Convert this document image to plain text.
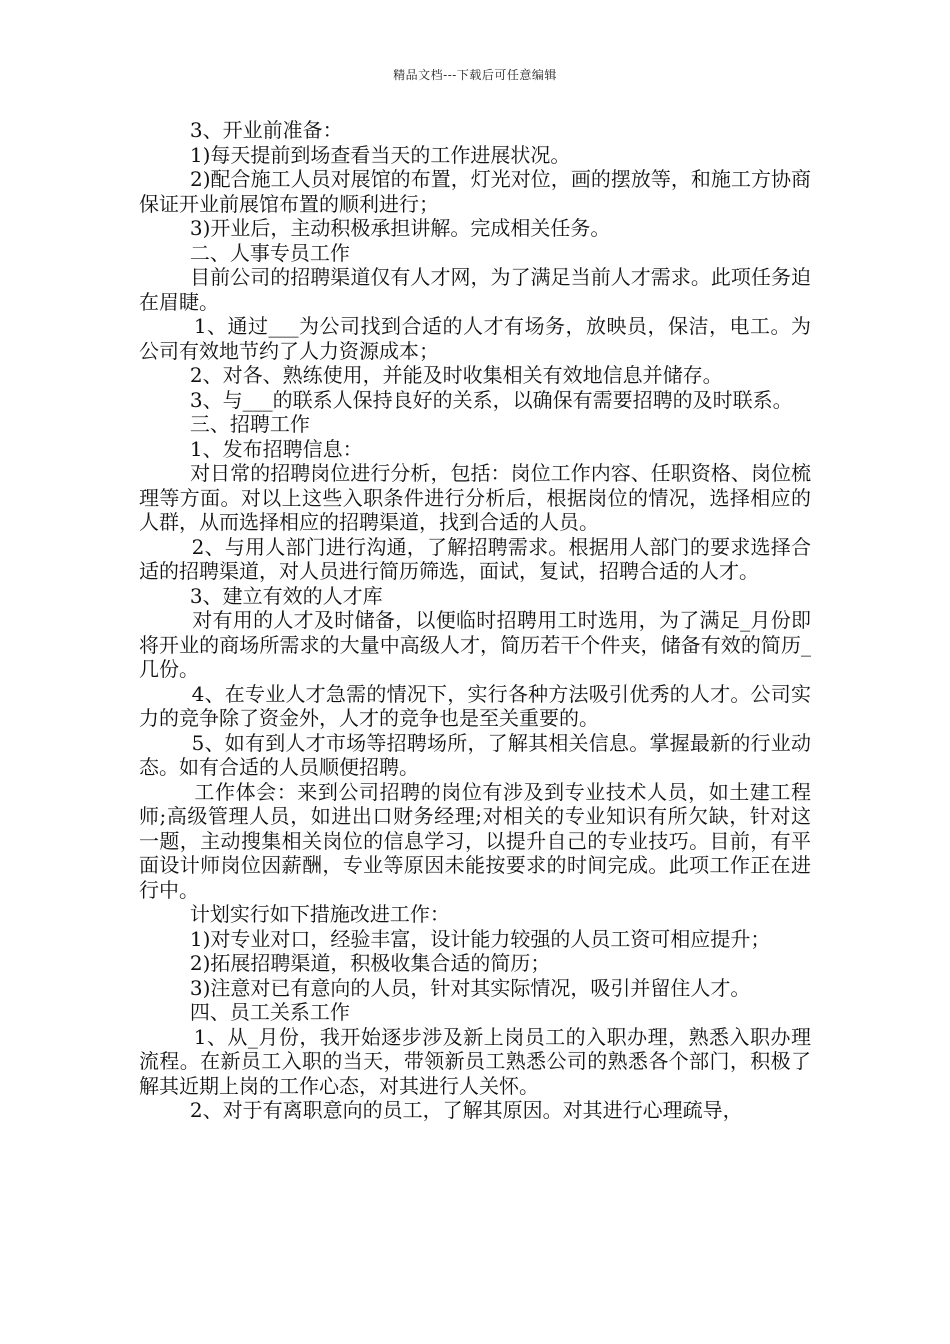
精品文档---下载后可任意编辑

3、开业前准备：

1)每天提前到场查看当天的工作进展状况。

2)配合施工人员对展馆的布置，灯光对位，画的摆放等，和施工方协商保证开业前展馆布置的顺利进行；

3)开业后，主动积极承担讲解。完成相关任务。

二、人事专员工作

目前公司的招聘渠道仅有人才网，为了满足当前人才需求。此项任务迫在眉睫。

1、通过___为公司找到合适的人才有场务，放映员，保洁，电工。为公司有效地节约了人力资源成本；

2、对各、熟练使用，并能及时收集相关有效地信息并储存。

3、与___的联系人保持良好的关系，以确保有需要招聘的及时联系。

三、招聘工作

1、发布招聘信息：

对日常的招聘岗位进行分析，包括：岗位工作内容、任职资格、岗位梳理等方面。对以上这些入职条件进行分析后，根据岗位的情况，选择相应的人群，从而选择相应的招聘渠道，找到合适的人员。

2、与用人部门进行沟通，了解招聘需求。根据用人部门的要求选择合适的招聘渠道，对人员进行简历筛选，面试，复试，招聘合适的人才。

3、建立有效的人才库

对有用的人才及时储备，以便临时招聘用工时选用，为了满足_月份即将开业的商场所需求的大量中高级人才，简历若干个件夹，储备有效的简历_几份。

4、在专业人才急需的情况下，实行各种方法吸引优秀的人才。公司实力的竞争除了资金外，人才的竞争也是至关重要的。

5、如有到人才市场等招聘场所，了解其相关信息。掌握最新的行业动态。如有合适的人员顺便招聘。

工作体会：来到公司招聘的岗位有涉及到专业技术人员，如土建工程师;高级管理人员，如进出口财务经理;对相关的专业知识有所欠缺，针对这一题，主动搜集相关岗位的信息学习，以提升自己的专业技巧。目前，有平面设计师岗位因薪酬，专业等原因未能按要求的时间完成。此项工作正在进行中。

计划实行如下措施改进工作：

1)对专业对口，经验丰富，设计能力较强的人员工资可相应提升；

2)拓展招聘渠道，积极收集合适的简历；

3)注意对已有意向的人员，针对其实际情况，吸引并留住人才。

四、员工关系工作

1、从_月份，我开始逐步涉及新上岗员工的入职办理，熟悉入职办理流程。在新员工入职的当天，带领新员工熟悉公司的熟悉各个部门，积极了解其近期上岗的工作心态，对其进行人关怀。

2、对于有离职意向的员工，了解其原因。对其进行心理疏导，
